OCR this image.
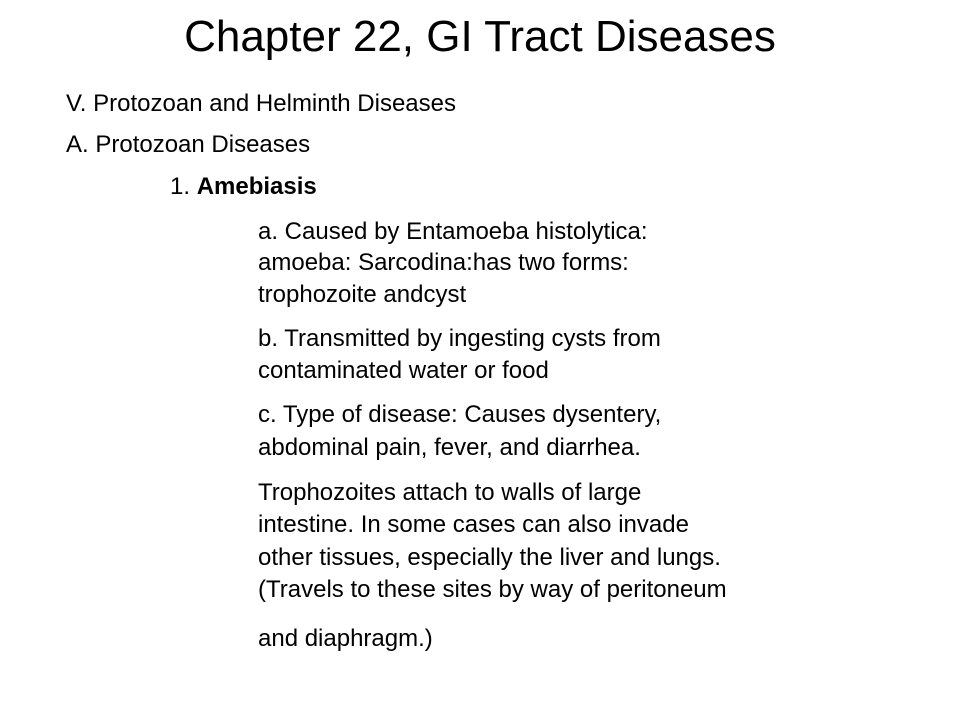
Chapter 22, GI Tract Diseases
V. Protozoan and Helminth Diseases
A. Protozoan Diseases
1. Amebiasis
a. Caused by Entamoeba histolytica:
amoeba: Sarcodina:has two forms:
trophozoite andcyst
b. Transmitted by ingesting cysts from
contaminated water or food
c. Type of disease: Causes dysentery,
abdominal pain, fever, and diarrhea.
Trophozoites attach to walls of large
intestine. In some cases can also invade
other tissues, especially the liver and lungs.
(Travels to these sites by way of peritoneum
and diaphragm.)
